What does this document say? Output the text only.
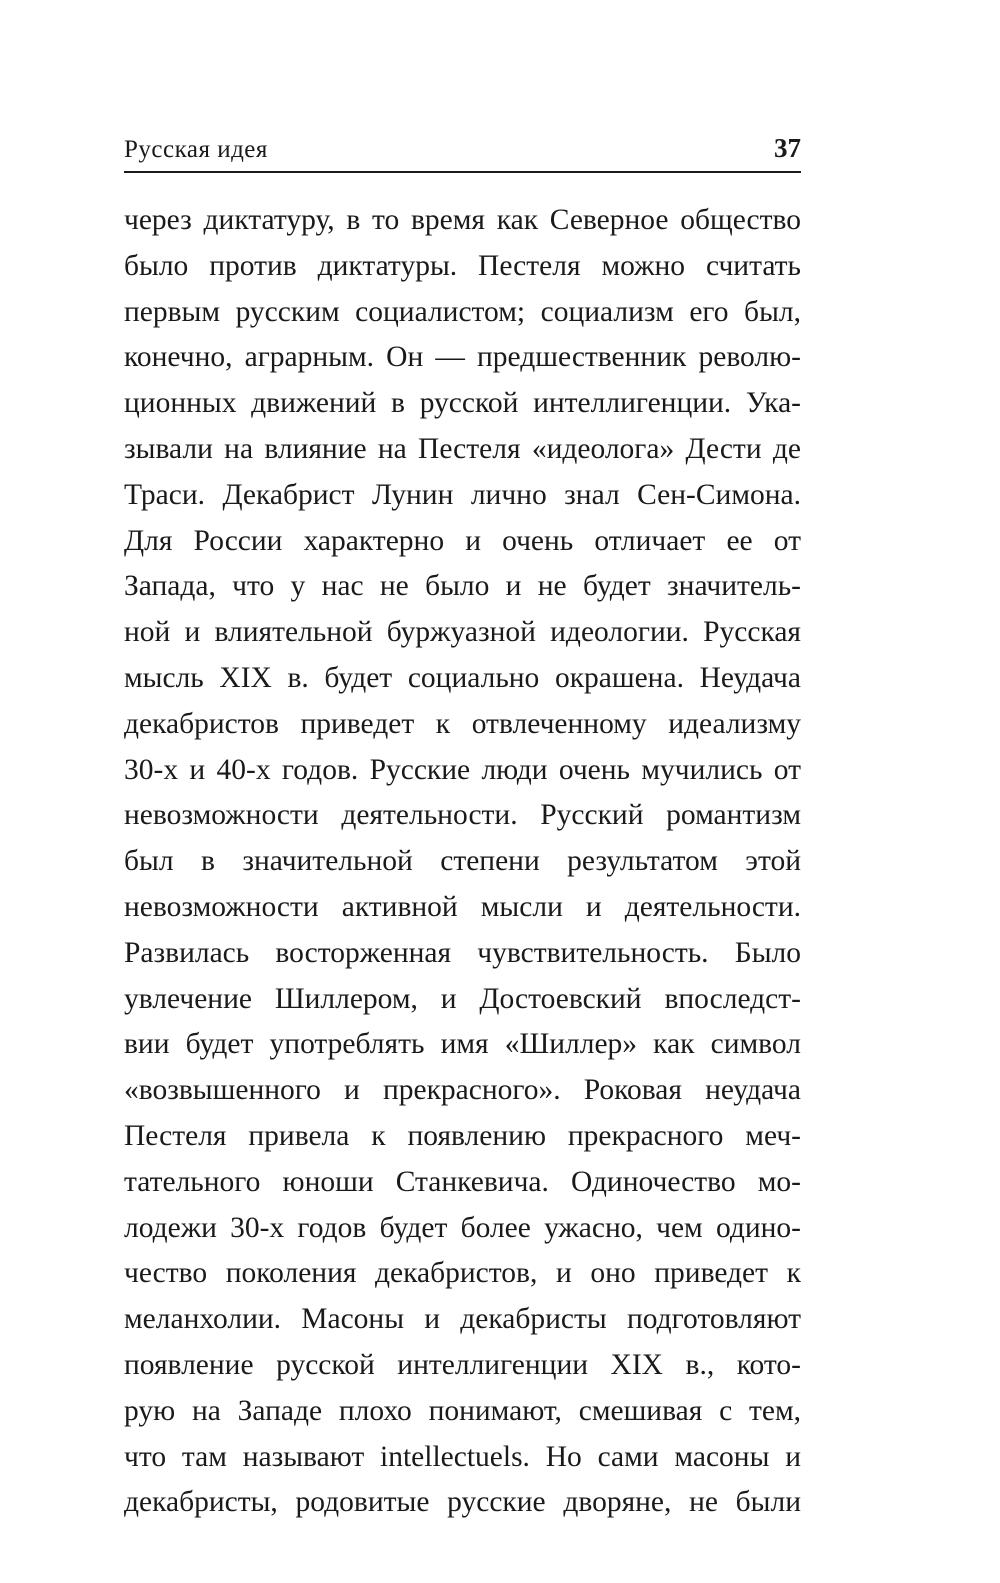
Русская идея	37
через диктатуру, в то время как Северное общество
было против диктатуры. Пестеля можно считать
первым русским социалистом; социализм его был,
конечно, аграрным. Он — предшественник револю-
ционных движений в русской интеллигенции. Ука-
зывали на влияние на Пестеля «идеолога» Дести де
Траси. Декабрист Лунин лично знал Сен-Симона.
Для России характерно и очень отличает ее от
Запада, что у нас не было и не будет значитель-
ной и влиятельной буржуазной идеологии. Русская
мысль XIX в. будет социально окрашена. Неудача
декабристов приведет к отвлеченному идеализму
30-х и 40-х годов. Русские люди очень мучились от
невозможности деятельности. Русский романтизм
был в значительной степени результатом этой
невозможности активной мысли и деятельности.
Развилась восторженная чувствительность. Было
увлечение Шиллером, и Достоевский впоследст-
вии будет употреблять имя «Шиллер» как символ
«возвышенного и прекрасного». Роковая неудача
Пестеля привела к появлению прекрасного меч-
тательного юноши Станкевича. Одиночество мо-
лодежи 30-х годов будет более ужасно, чем одино-
чество поколения декабристов, и оно приведет к
меланхолии. Масоны и декабристы подготовляют
появление русской интеллигенции XIX в., кото-
рую на Западе плохо понимают, смешивая с тем,
что там называют intellectuels. Но сами масоны и
декабристы, родовитые русские дворяне, не были
